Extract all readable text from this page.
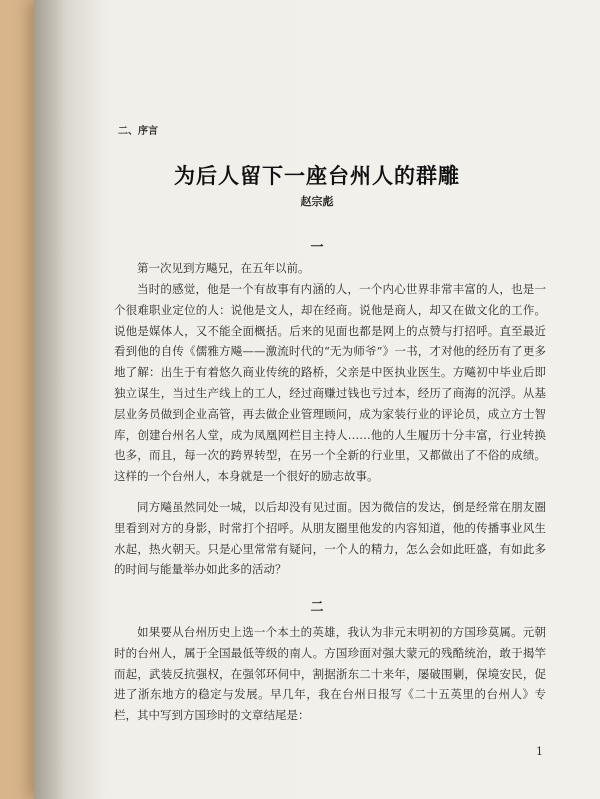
二、序言
为后人留下一座台州人的群雕
赵宗彪
一

第一次见到方飚兄，在五年以前。

当时的感觉，他是一个有故事有内涵的人，一个内心世界非常丰富的人，也是一个很难职业定位的人：说他是文人，却在经商。说他是商人，却又在做文化的工作。说他是媒体人，又不能全面概括。后来的见面也都是网上的点赞与打招呼。直至最近看到他的自传《儒雅方飚——激流时代的“无为师爷”》一书，才对他的经历有了更多地了解：出生于有着悠久商业传统的路桥，父亲是中医执业医生。方飚初中毕业后即独立谋生，当过生产线上的工人，经过商赚过钱也亏过本，经历了商海的沉浮。从基层业务员做到企业高管，再去做企业管理顾问，成为家装行业的评论员，成立方士智库，创建台州名人堂，成为凤凰网栏目主持人……他的人生履历十分丰富，行业转换也多，而且，每一次的跨界转型，在另一个全新的行业里，又都做出了不俗的成绩。这样的一个台州人，本身就是一个很好的励志故事。

同方飚虽然同处一城，以后却没有见过面。因为微信的发达，倒是经常在朋友圈里看到对方的身影，时常打个招呼。从朋友圈里他发的内容知道，他的传播事业风生水起，热火朝天。只是心里常常有疑问，一个人的精力，怎么会如此旺盛，有如此多的时间与能量举办如此多的活动？

二

如果要从台州历史上选一个本土的英雄，我认为非元末明初的方国珍莫属。元朝时的台州人，属于全国最低等级的南人。方国珍面对强大蒙元的残酷统治，敢于揭竿而起，武装反抗强权，在强邻环伺中，割据浙东二十来年，屡破围剿，保境安民，促进了浙东地方的稳定与发展。早几年，我在台州日报写《二十五英里的台州人》专栏，其中写到方国珍时的文章结尾是：

1
